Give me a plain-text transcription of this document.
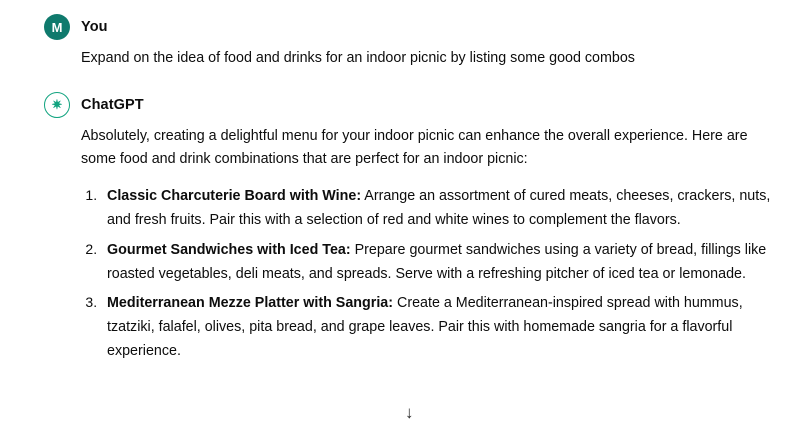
M You

Expand on the idea of food and drinks for an indoor picnic by listing some good combos

✷ ChatGPT

Absolutely, creating a delightful menu for your indoor picnic can enhance the overall experience. Here are some food and drink combinations that are perfect for an indoor picnic:

1. Classic Charcuterie Board with Wine: Arrange an assortment of cured meats, cheeses, crackers, nuts, and fresh fruits. Pair this with a selection of red and white wines to complement the flavors.
2. Gourmet Sandwiches with Iced Tea: Prepare gourmet sandwiches using a variety of bread, fillings like roasted vegetables, deli meats, and spreads. Serve with a refreshing pitcher of iced tea or lemonade.
3. Mediterranean Mezze Platter with Sangria: Create a Mediterranean-inspired spread with hummus, tzatziki, falafel, olives, pita bread, and grape leaves. Pair this with homemade sangria for a flavorful experience.
↓
